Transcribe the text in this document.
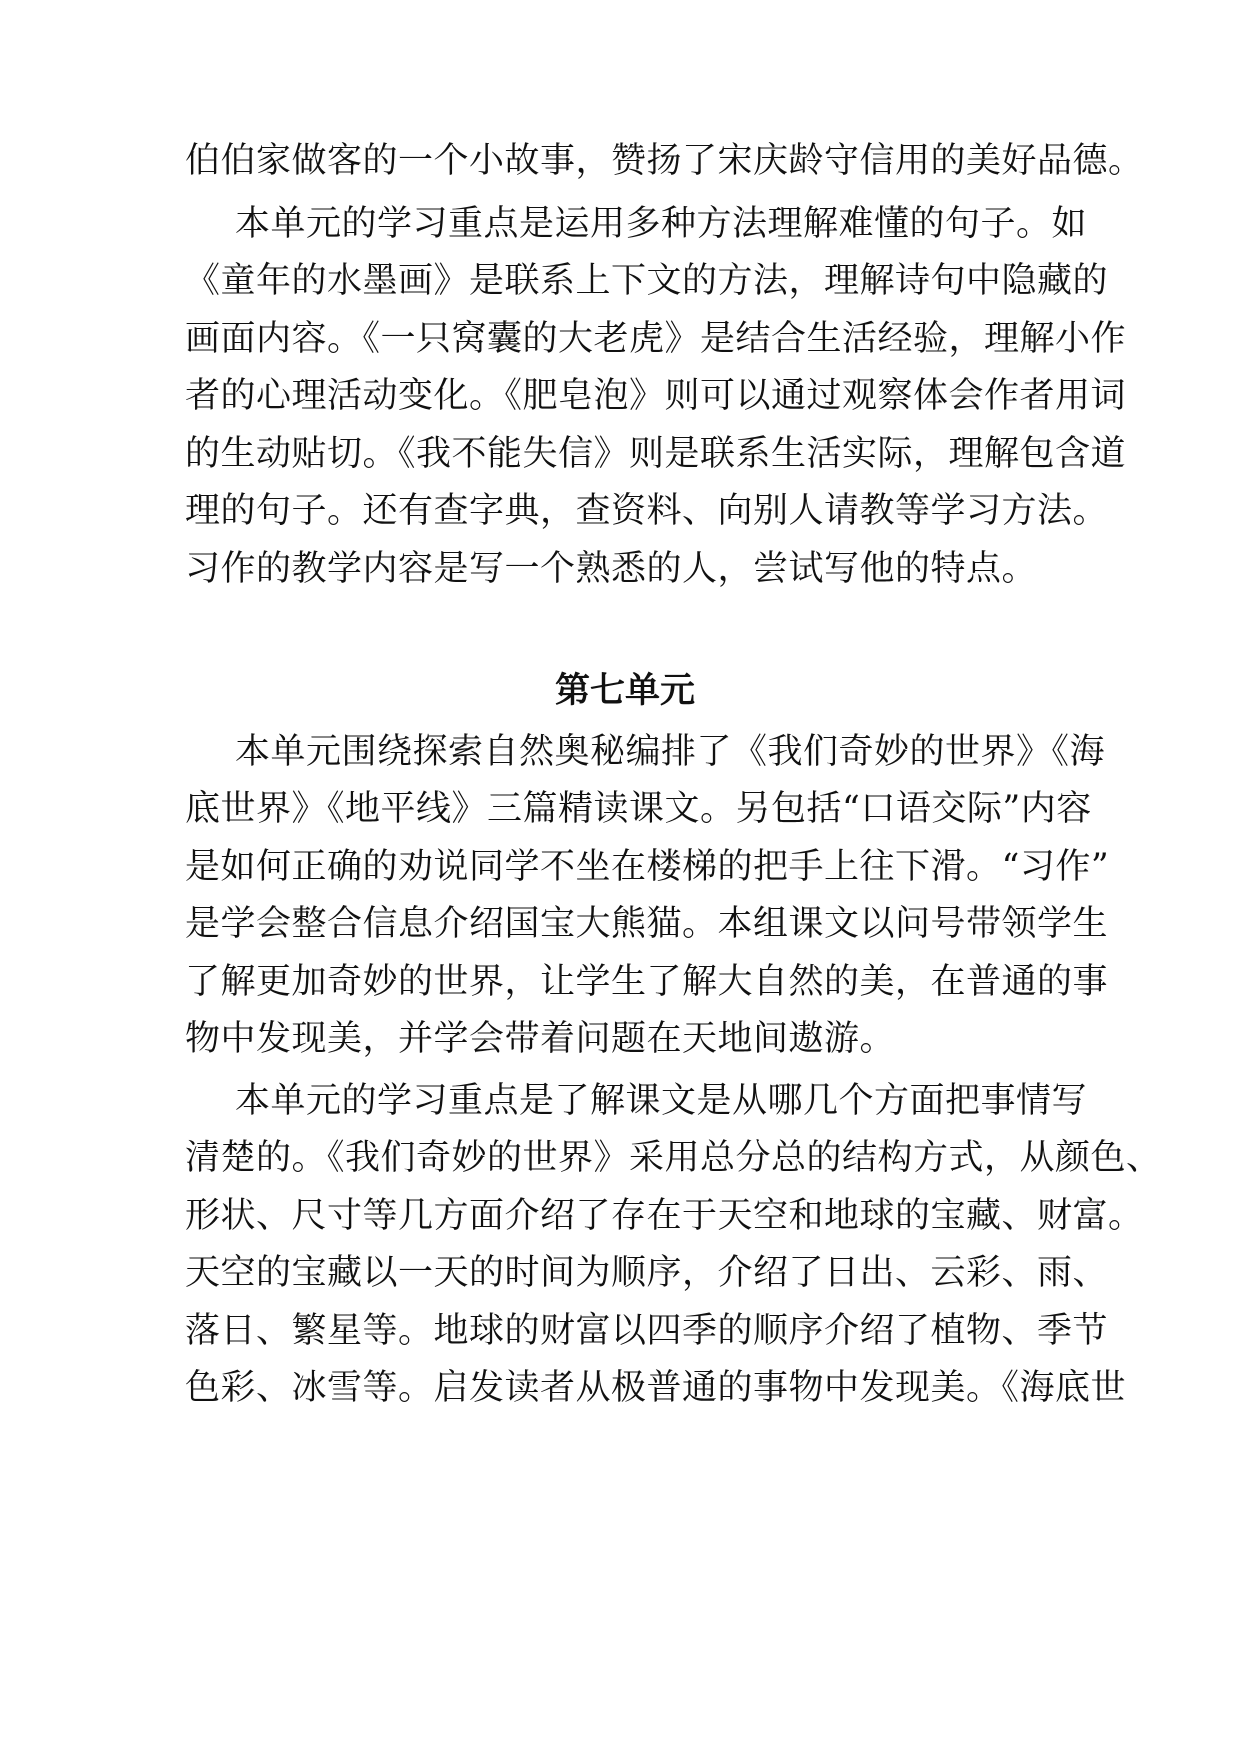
伯伯家做客的一个小故事，赞扬了宋庆龄守信用的美好品德。
本单元的学习重点是运用多种方法理解难懂的句子。如
《童年的水墨画》是联系上下文的方法，理解诗句中隐藏的
画面内容。《一只窝囊的大老虎》是结合生活经验，理解小作
者的心理活动变化。《肥皂泡》则可以通过观察体会作者用词
的生动贴切。《我不能失信》则是联系生活实际，理解包含道
理的句子。还有查字典，查资料、向别人请教等学习方法。
习作的教学内容是写一个熟悉的人，尝试写他的特点。
第七单元
本单元围绕探索自然奥秘编排了《我们奇妙的世界》《海
底世界》《地平线》三篇精读课文。另包括“口语交际”内容
是如何正确的劝说同学不坐在楼梯的把手上往下滑。“习作”
是学会整合信息介绍国宝大熊猫。本组课文以问号带领学生
了解更加奇妙的世界，让学生了解大自然的美，在普通的事
物中发现美，并学会带着问题在天地间遨游。
本单元的学习重点是了解课文是从哪几个方面把事情写
清楚的。《我们奇妙的世界》采用总分总的结构方式，从颜色、
形状、尺寸等几方面介绍了存在于天空和地球的宝藏、财富。
天空的宝藏以一天的时间为顺序，介绍了日出、云彩、雨、
落日、繁星等。地球的财富以四季的顺序介绍了植物、季节
色彩、冰雪等。启发读者从极普通的事物中发现美。《海底世
